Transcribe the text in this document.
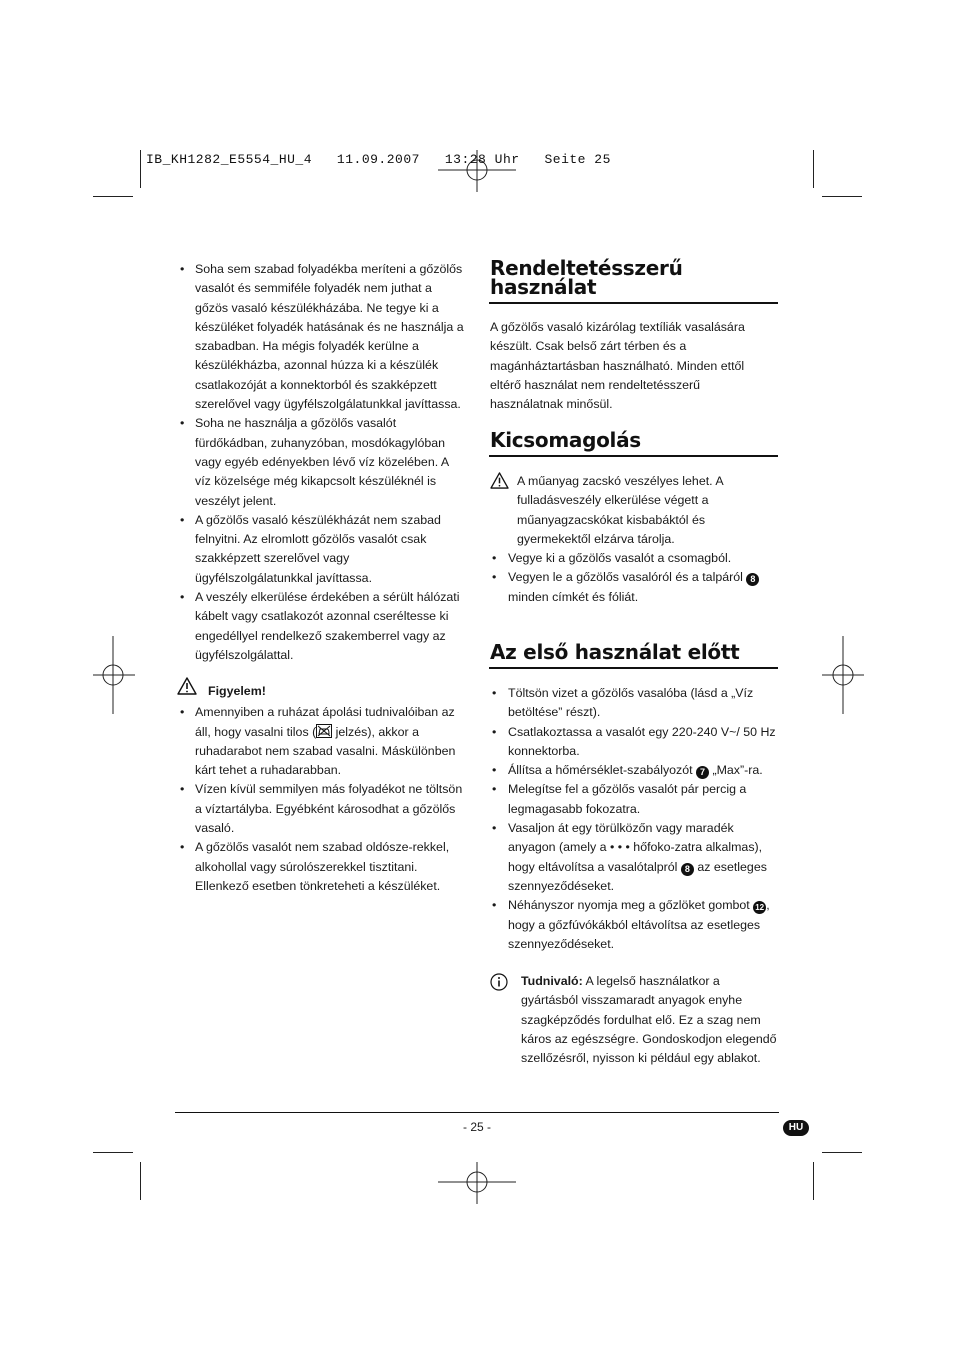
IB_KH1282_E5554_HU_4   11.09.2007   13:28 Uhr   Seite 25

• Soha sem szabad folyadékba meríteni a gőzölős vasalót és semmiféle folyadék nem juthat a gőzös vasaló készülékházába. Ne tegye ki a készüléket folyadék hatásának és ne használja a szabadban. Ha mégis folyadék kerülne a készülékházba, azonnal húzza ki a készülék csatlakozóját a konnektorból és szakképzett szerelővel vagy ügyfélszolgálatunkkal javíttassa.

• Soha ne használja a gőzölős vasalót fürdőkádban, zuhanyzóban, mosdókagylóban vagy egyéb edényekben lévő víz közelében. A víz közelsége még kikapcsolt készüléknél is veszélyt jelent.

• A gőzölős vasaló készülékházát nem szabad felnyitni. Az elromlott gőzölős vasalót csak szakképzett szerelővel vagy ügyfélszolgálatunkkal javíttassa.

• A veszély elkerülése érdekében a sérült hálózati kábelt vagy csatlakozót azonnal cseréltesse ki engedéllyel rendelkező szakemberrel vagy az ügyfélszolgálattal.

Figyelem!

• Amennyiben a ruházat ápolási tudnivalóiban az áll, hogy vasalni tilos ( jelzés), akkor a ruhadarabot nem szabad vasalni. Máskülönben kárt tehet a ruhadarabban.

• Vízen kívül semmilyen más folyadékot ne töltsön a víztartályba. Egyébként károsodhat a gőzölős vasaló.

• A gőzölős vasalót nem szabad oldósze-rekkel, alkohollal vagy súrolószerekkel tisztitani. Ellenkező esetben tönkreteheti a készüléket.

Rendeltetésszerű
használat

A gőzölős vasaló kizárólag textíliák vasalására készült. Csak belső zárt térben és a magánháztartásban használható. Minden ettől eltérő használat nem rendeltetésszerű használatnak minősül.

Kicsomagolás

A műanyag zacskó veszélyes lehet. A fulladásveszély elkerülése végett a műanyagzacskókat kisbabáktól és gyermekektől elzárva tárolja.

• Vegye ki a gőzölős vasalót a csomagból.

• Vegyen le a gőzölős vasalóról és a talpáról 8 minden címkét és fóliát.

Az első használat előtt

• Töltsön vizet a gőzölős vasalóba (lásd a „Víz betöltése” részt).

• Csatlakoztassa a vasalót egy 220-240 V~/ 50 Hz konnektorba.

• Állítsa a hőmérséklet-szabályozót 7 „Max”-ra.

• Melegítse fel a gőzölős vasalót pár percig a legmagasabb fokozatra.

• Vasaljon át egy törülközőn vagy maradék anyagon (amely a • • • hőfoko-zatra alkalmas), hogy eltávolítsa a vasalótalpról 8 az esetleges szennyeződéseket.

• Néhányszor nyomja meg a gőzlöket gombot 12 , hogy a gőzfúvókákból eltávolítsa az esetleges szennyeződéseket.

Tudnivaló: A legelső használatkor a gyártásból visszamaradt anyagok enyhe szagképződés fordulhat elő. Ez a szag nem káros az egészségre. Gondoskodjon elegendő szellőzésről, nyisson ki például egy ablakot.

- 25 -	HU
